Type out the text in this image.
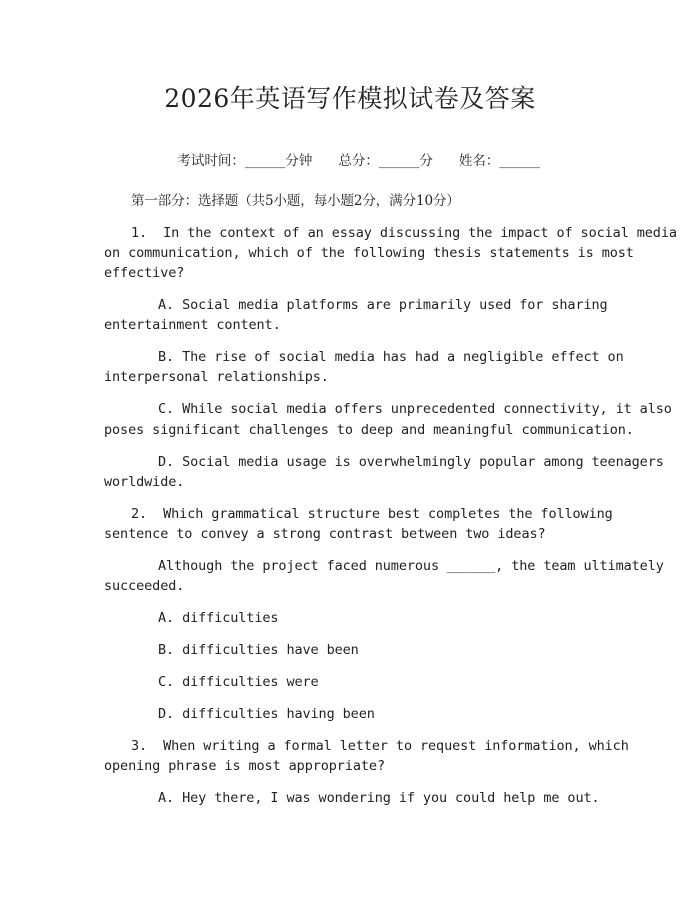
2026年英语写作模拟试卷及答案

考试时间：______分钟 总分：______分 姓名：______

第一部分：选择题（共5小题，每小题2分，满分10分）
1.  In the context of an essay discussing the impact of social media
on communication, which of the following thesis statements is most
effective?
A. Social media platforms are primarily used for sharing
entertainment content.
B. The rise of social media has had a negligible effect on
interpersonal relationships.
C. While social media offers unprecedented connectivity, it also
poses significant challenges to deep and meaningful communication.
D. Social media usage is overwhelmingly popular among teenagers
worldwide.
2.  Which grammatical structure best completes the following
sentence to convey a strong contrast between two ideas?
Although the project faced numerous ______, the team ultimately
succeeded.
A. difficulties
B. difficulties have been
C. difficulties were
D. difficulties having been
3.  When writing a formal letter to request information, which
opening phrase is most appropriate?
A. Hey there, I was wondering if you could help me out.
